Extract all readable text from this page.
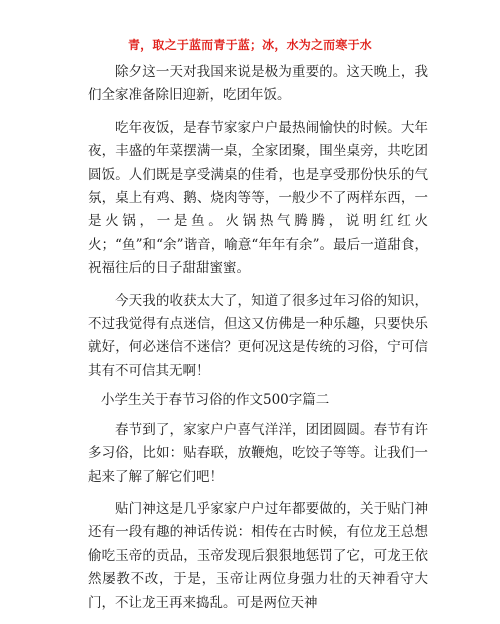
青，取之于蓝而青于蓝；冰，水为之而寒于水

除夕这一天对我国来说是极为重要的。这天晚上，我们全家准备除旧迎新，吃团年饭。

吃年夜饭，是春节家家户户最热闹愉快的时候。大年夜，丰盛的年菜摆满一桌，全家团聚，围坐桌旁，共吃团圆饭。人们既是享受满桌的佳肴，也是享受那份快乐的气氛，桌上有鸡、鹅、烧肉等等，一般少不了两样东西，一是火锅，一是鱼。火锅热气腾腾，说明红红火火；“鱼”和“余”谐音，喻意“年年有余”。最后一道甜食，祝福往后的日子甜甜蜜蜜。

今天我的收获太大了，知道了很多过年习俗的知识，不过我觉得有点迷信，但这又仿佛是一种乐趣，只要快乐就好，何必迷信不迷信？更何况这是传统的习俗，宁可信其有不可信其无啊！

小学生关于春节习俗的作文500字篇二

春节到了，家家户户喜气洋洋，团团圆圆。春节有许多习俗，比如：贴春联，放鞭炮，吃饺子等等。让我们一起来了解了解它们吧！

贴门神这是几乎家家户户过年都要做的，关于贴门神还有一段有趣的神话传说：相传在古时候，有位龙王总想偷吃玉帝的贡品，玉帝发现后狠狠地惩罚了它，可龙王依然屡教不改，于是，玉帝让两位身强力壮的天神看守大门，不让龙王再来捣乱。可是两位天神
